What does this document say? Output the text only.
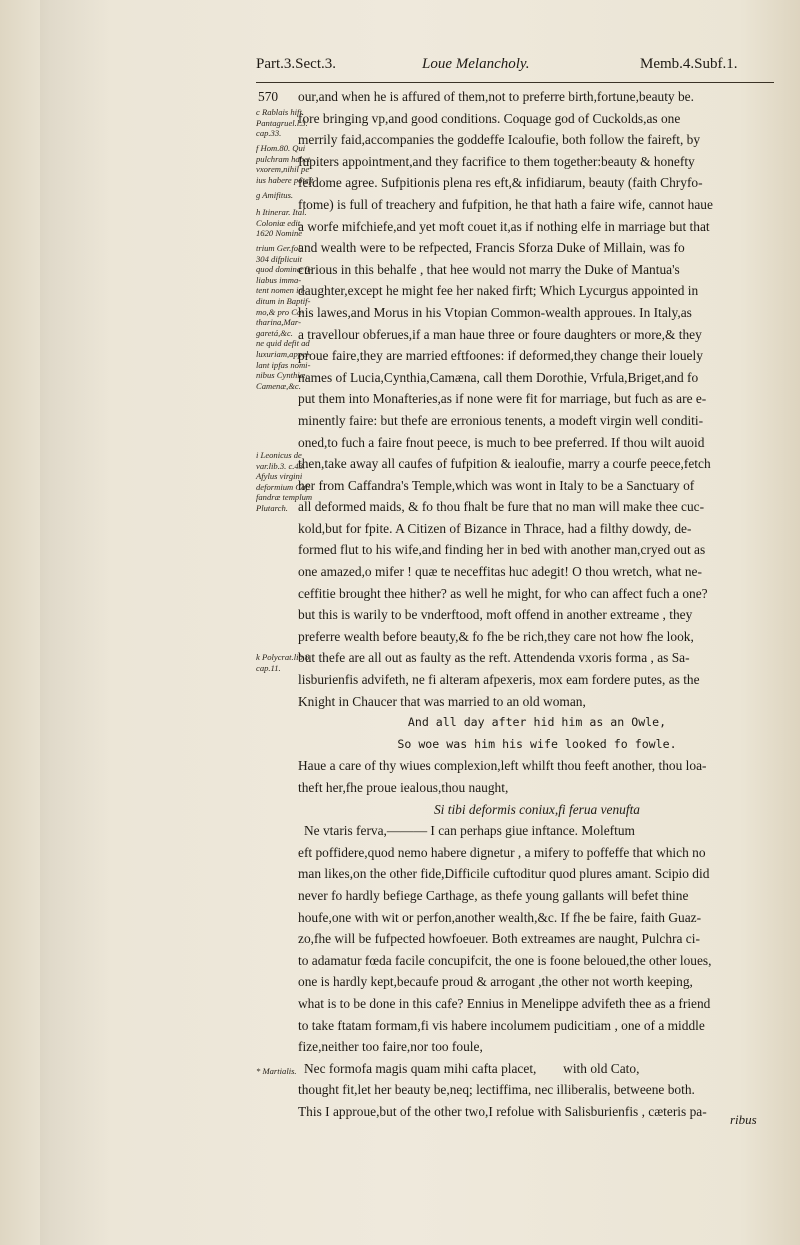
Part.3.Sect.3.	Loue Melancholy.	Memb.4.Subf.1.
570
c Rablais hift.
Pantagruel.l.3.
cap.33.
f Hom.80. Qui
pulchram habet
vxorem,nihil pe
ius habere poteft
g Amifitus.
h Itinerar. Ital.
Coloniæ edit.
1620 Nomine
trium Ger.fol.
304 difplicuit
quod dominæ fi-
liabus imma-
tent nomen in-
ditum in Baptif-
mo,& pro Ca-
tharina,Mar-
garetá,&c.
ne quid defit ad
luxuriam,appel-
lant ipfas nomi-
nibus Cynthiæ,
Camenæ,&c.
i Leonicus de
var.lib.3. c.43.
Afylus virgini
deformium Caf-
fandræ templum
Plutarch.
k Polycrat.lib.8
cap.11.
* Martialis.
our,and when he is affured of them,not to preferre birth,fortune,beauty be.
fore bringing vp,and good conditions. Coquage god of Cuckolds,as one
merrily faid,accompanies the goddeffe Icaloufie, both follow the faireft, by
Iupiters appointment,and they facrifice to them together:beauty & honefty
feldome agree. Sufpitionis plena res eft,& infidiarum, beauty (faith Chryfo-
ftome) is full of treachery and fufpition, he that hath a faire wife, cannot haue
a worfe mifchiefe,and yet moft couet it,as if nothing elfe in marriage but that
and wealth were to be refpected, Francis Sforza Duke of Millain, was fo
curious in this behalfe , that hee would not marry the Duke of Mantua's
daughter,except he might fee her naked firft; Which Lycurgus appointed in
his lawes,and Morus in his Vtopian Common-wealth approues. In Italy,as
a travellour obferues,if a man haue three or foure daughters or more,& they
proue faire,they are married eftfoones: if deformed,they change their louely
names of Lucia,Cynthia,Camæna, call them Dorothie, Vrfula,Briget,and fo
put them into Monafteries,as if none were fit for marriage, but fuch as are e-
minently faire: but thefe are erronious tenents, a modeft virgin well conditi-
oned,to fuch a faire fnout peece, is much to bee preferred. If thou wilt auoid
then,take away all caufes of fufpition & iealoufie, marry a courfe peece,fetch
her from Caffandra's Temple,which was wont in Italy to be a Sanctuary of
all deformed maids, & fo thou fhalt be fure that no man will make thee cuc-
kold,but for fpite. A Citizen of Bizance in Thrace, had a filthy dowdy, de-
formed flut to his wife,and finding her in bed with another man,cryed out as
one amazed,o mifer ! quæ te neceffitas huc adegit! O thou wretch, what ne-
ceffitie brought thee hither? as well he might, for who can affect fuch a one?
but this is warily to be vnderftood, moft offend in another extreame , they
preferre wealth before beauty,& fo fhe be rich,they care not how fhe look,
but thefe are all out as faulty as the reft. Attendenda vxoris forma , as Sa-
lisburienfis advifeth, ne fi alteram afpexeris, mox eam fordere putes, as the
Knight in Chaucer that was married to an old woman,
And all day after hid him as an Owle,
So woe was him his wife looked fo fowle.
Haue a care of thy wiues complexion,left whilft thou feeft another, thou loa-
theft her,fhe proue iealous,thou naught,
Si tibi deformis coniux,fi ferua venufta
Ne vtaris ferva,——— I can perhaps giue inftance. Moleftum
eft poffidere,quod nemo habere dignetur , a mifery to poffeffe that which no
man likes,on the other fide,Difficile cuftoditur quod plures amant. Scipio did
never fo hardly befiege Carthage, as thefe young gallants will befet thine
houfe,one with wit or perfon,another wealth,&c. If fhe be faire, faith Guaz-
zo,fhe will be fufpected howfoeuer. Both extreames are naught, Pulchra ci-
to adamatur fœda facile concupifcit, the one is foone beloued,the other loues,
one is hardly kept,becaufe proud & arrogant ,the other not worth keeping,
what is to be done in this cafe? Ennius in Menelippe advifeth thee as a friend
to take ftatam formam,fi vis habere incolumem pudicitiam , one of a middle
fize,neither too faire,nor too foule,
Nec formofa magis quam mihi cafta placet,        with old Cato,
thought fit,let her beauty be,neq; lectiffima, nec illiberalis, betweene both.
This I approue,but of the other two,I refolue with Salisburienfis , cæteris pa-
ribus
